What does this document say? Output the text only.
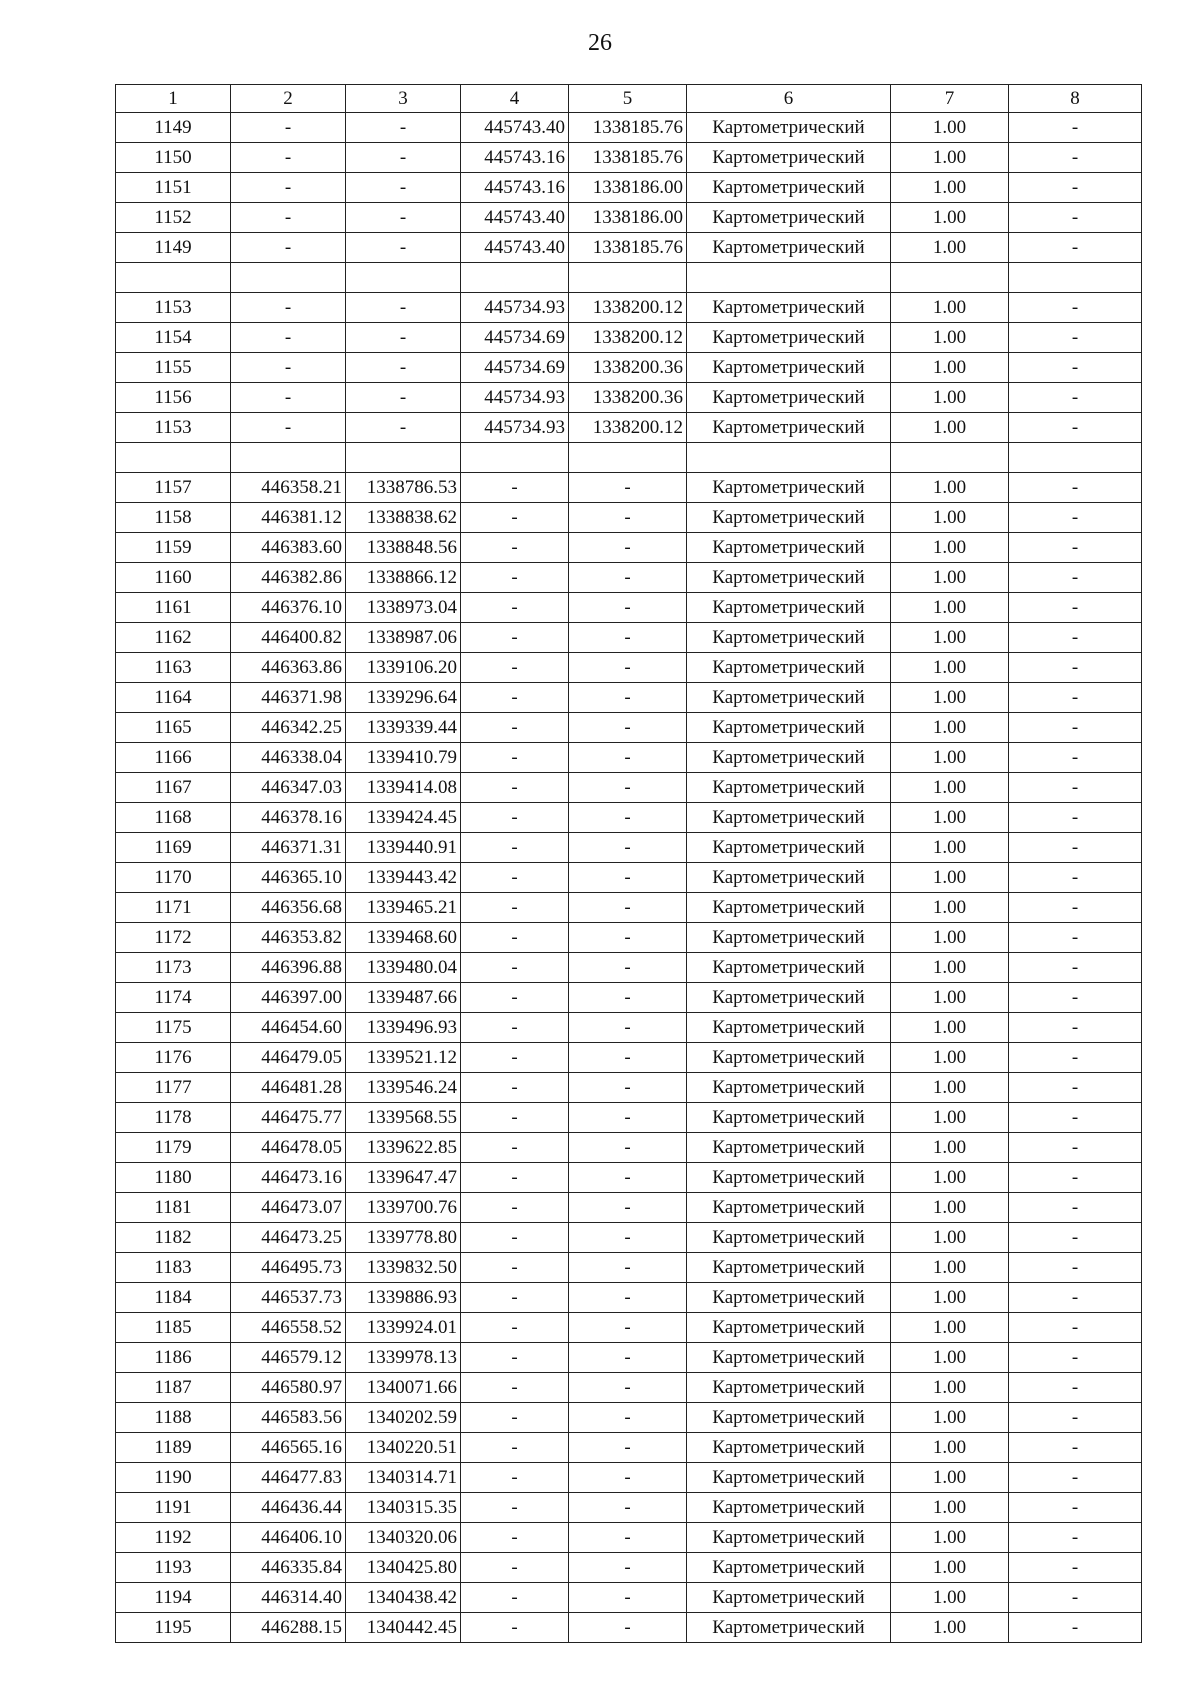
26
1	2	3	4	5	6	7	8
1149	-	-	445743.40	1338185.76	Картометрический	1.00	-
1150	-	-	445743.16	1338185.76	Картометрический	1.00	-
1151	-	-	445743.16	1338186.00	Картометрический	1.00	-
1152	-	-	445743.40	1338186.00	Картометрический	1.00	-
1149	-	-	445743.40	1338185.76	Картометрический	1.00	-

1153	-	-	445734.93	1338200.12	Картометрический	1.00	-
1154	-	-	445734.69	1338200.12	Картометрический	1.00	-
1155	-	-	445734.69	1338200.36	Картометрический	1.00	-
1156	-	-	445734.93	1338200.36	Картометрический	1.00	-
1153	-	-	445734.93	1338200.12	Картометрический	1.00	-

1157	446358.21	1338786.53	-	-	Картометрический	1.00	-
1158	446381.12	1338838.62	-	-	Картометрический	1.00	-
1159	446383.60	1338848.56	-	-	Картометрический	1.00	-
1160	446382.86	1338866.12	-	-	Картометрический	1.00	-
1161	446376.10	1338973.04	-	-	Картометрический	1.00	-
1162	446400.82	1338987.06	-	-	Картометрический	1.00	-
1163	446363.86	1339106.20	-	-	Картометрический	1.00	-
1164	446371.98	1339296.64	-	-	Картометрический	1.00	-
1165	446342.25	1339339.44	-	-	Картометрический	1.00	-
1166	446338.04	1339410.79	-	-	Картометрический	1.00	-
1167	446347.03	1339414.08	-	-	Картометрический	1.00	-
1168	446378.16	1339424.45	-	-	Картометрический	1.00	-
1169	446371.31	1339440.91	-	-	Картометрический	1.00	-
1170	446365.10	1339443.42	-	-	Картометрический	1.00	-
1171	446356.68	1339465.21	-	-	Картометрический	1.00	-
1172	446353.82	1339468.60	-	-	Картометрический	1.00	-
1173	446396.88	1339480.04	-	-	Картометрический	1.00	-
1174	446397.00	1339487.66	-	-	Картометрический	1.00	-
1175	446454.60	1339496.93	-	-	Картометрический	1.00	-
1176	446479.05	1339521.12	-	-	Картометрический	1.00	-
1177	446481.28	1339546.24	-	-	Картометрический	1.00	-
1178	446475.77	1339568.55	-	-	Картометрический	1.00	-
1179	446478.05	1339622.85	-	-	Картометрический	1.00	-
1180	446473.16	1339647.47	-	-	Картометрический	1.00	-
1181	446473.07	1339700.76	-	-	Картометрический	1.00	-
1182	446473.25	1339778.80	-	-	Картометрический	1.00	-
1183	446495.73	1339832.50	-	-	Картометрический	1.00	-
1184	446537.73	1339886.93	-	-	Картометрический	1.00	-
1185	446558.52	1339924.01	-	-	Картометрический	1.00	-
1186	446579.12	1339978.13	-	-	Картометрический	1.00	-
1187	446580.97	1340071.66	-	-	Картометрический	1.00	-
1188	446583.56	1340202.59	-	-	Картометрический	1.00	-
1189	446565.16	1340220.51	-	-	Картометрический	1.00	-
1190	446477.83	1340314.71	-	-	Картометрический	1.00	-
1191	446436.44	1340315.35	-	-	Картометрический	1.00	-
1192	446406.10	1340320.06	-	-	Картометрический	1.00	-
1193	446335.84	1340425.80	-	-	Картометрический	1.00	-
1194	446314.40	1340438.42	-	-	Картометрический	1.00	-
1195	446288.15	1340442.45	-	-	Картометрический	1.00	-
